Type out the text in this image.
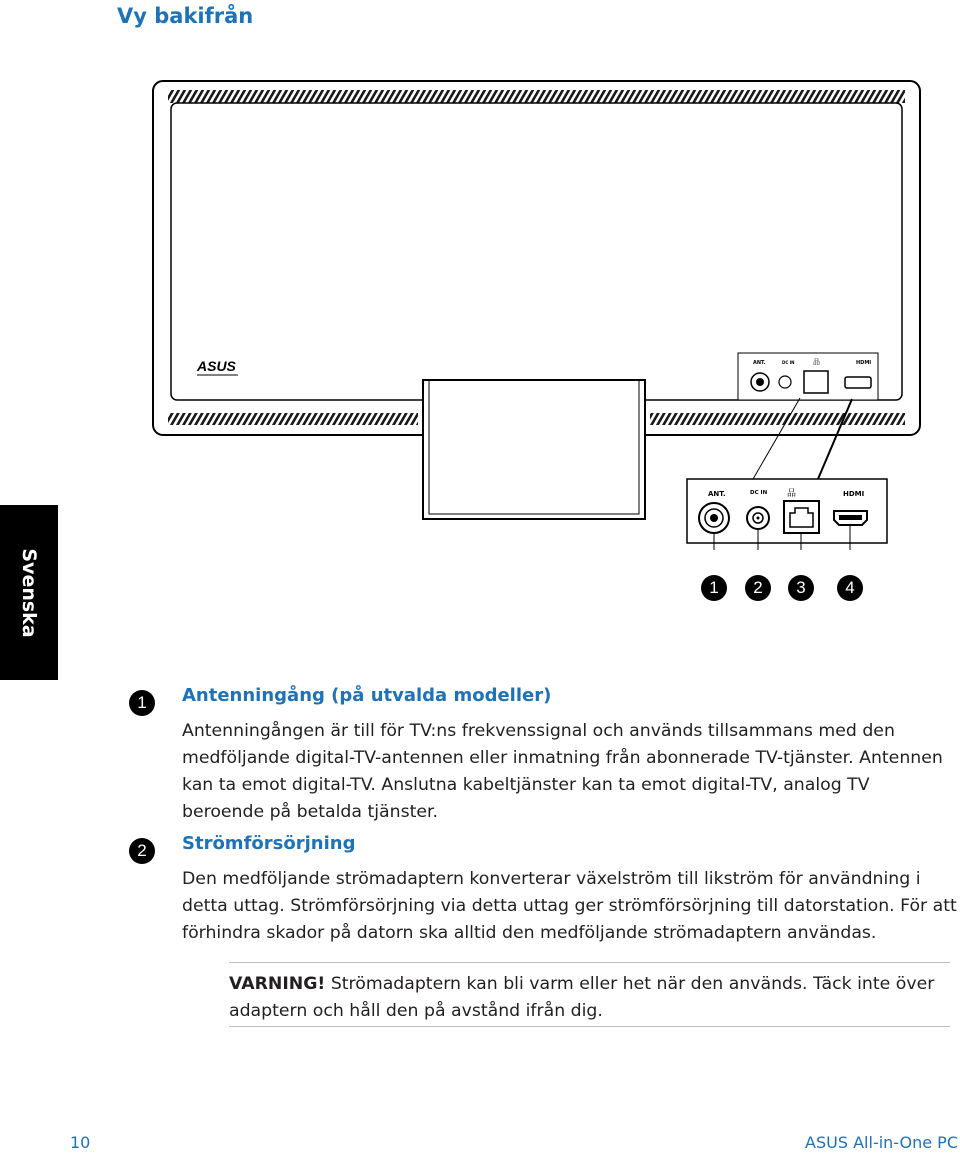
Vy bakifrån
Svenska
ASUS	ANT.	DC IN	品	HDMI
ANT.	DC IN 品	HDMI
1	2	3	4
1	Antenningång (på utvalda modeller)

Antenningången är till för TV:ns frekvenssignal och används tillsammans med den medföljande digital-TV-antennen eller inmatning från abonnerade TV-tjänster. Antennen kan ta emot digital-TV. Anslutna kabeltjänster kan ta emot digital-TV, analog TV beroende på betalda tjänster.

2	Strömförsörjning

Den medföljande strömadaptern konverterar växelström till likström för användning i detta uttag. Strömförsörjning via detta uttag ger strömförsörjning till datorstation. För att förhindra skador på datorn ska alltid den medföljande strömadaptern användas.

VARNING! Strömadaptern kan bli varm eller het när den används. Täck inte över adaptern och håll den på avstånd ifrån dig.

10	ASUS All-in-One PC
